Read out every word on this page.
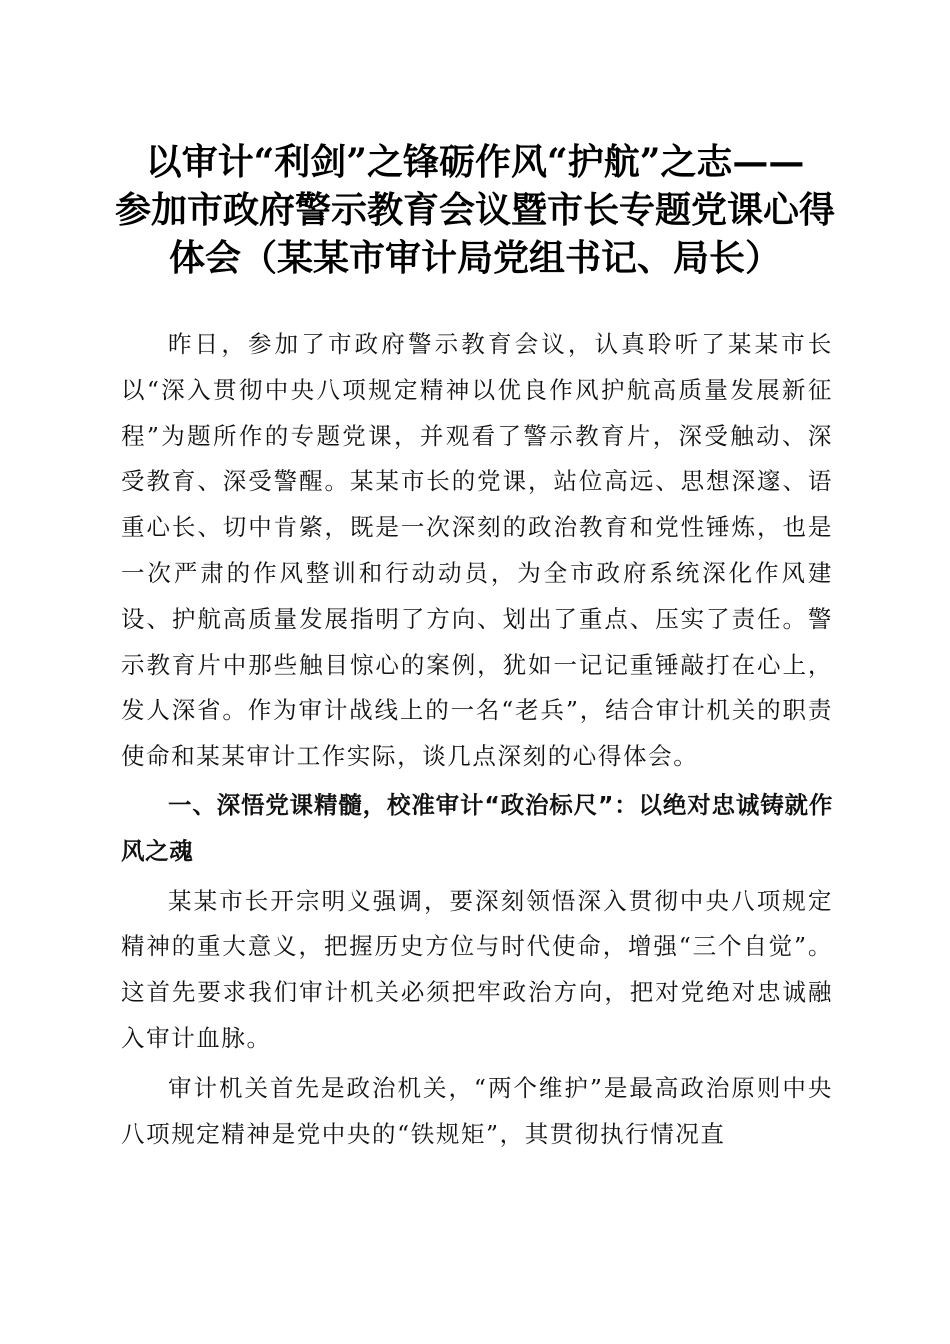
以审计“利剑”之锋砺作风“护航”之志——
参加市政府警示教育会议暨市长专题党课心得
体会（某某市审计局党组书记、局长）

昨日，参加了市政府警示教育会议，认真聆听了某某市长以“深入贯彻中央八项规定精神以优良作风护航高质量发展新征程”为题所作的专题党课，并观看了警示教育片，深受触动、深受教育、深受警醒。某某市长的党课，站位高远、思想深邃、语重心长、切中肯綮，既是一次深刻的政治教育和党性锤炼，也是一次严肃的作风整训和行动动员，为全市政府系统深化作风建设、护航高质量发展指明了方向、划出了重点、压实了责任。警示教育片中那些触目惊心的案例，犹如一记记重锤敲打在心上，发人深省。作为审计战线上的一名“老兵”，结合审计机关的职责使命和某某审计工作实际，谈几点深刻的心得体会。

一、深悟党课精髓，校准审计“政治标尺”：以绝对忠诚铸就作风之魂

某某市长开宗明义强调，要深刻领悟深入贯彻中央八项规定精神的重大意义，把握历史方位与时代使命，增强“三个自觉”。这首先要求我们审计机关必须把牢政治方向，把对党绝对忠诚融入审计血脉。

审计机关首先是政治机关，“两个维护”是最高政治原则中央八项规定精神是党中央的“铁规矩”，其贯彻执行情况直
